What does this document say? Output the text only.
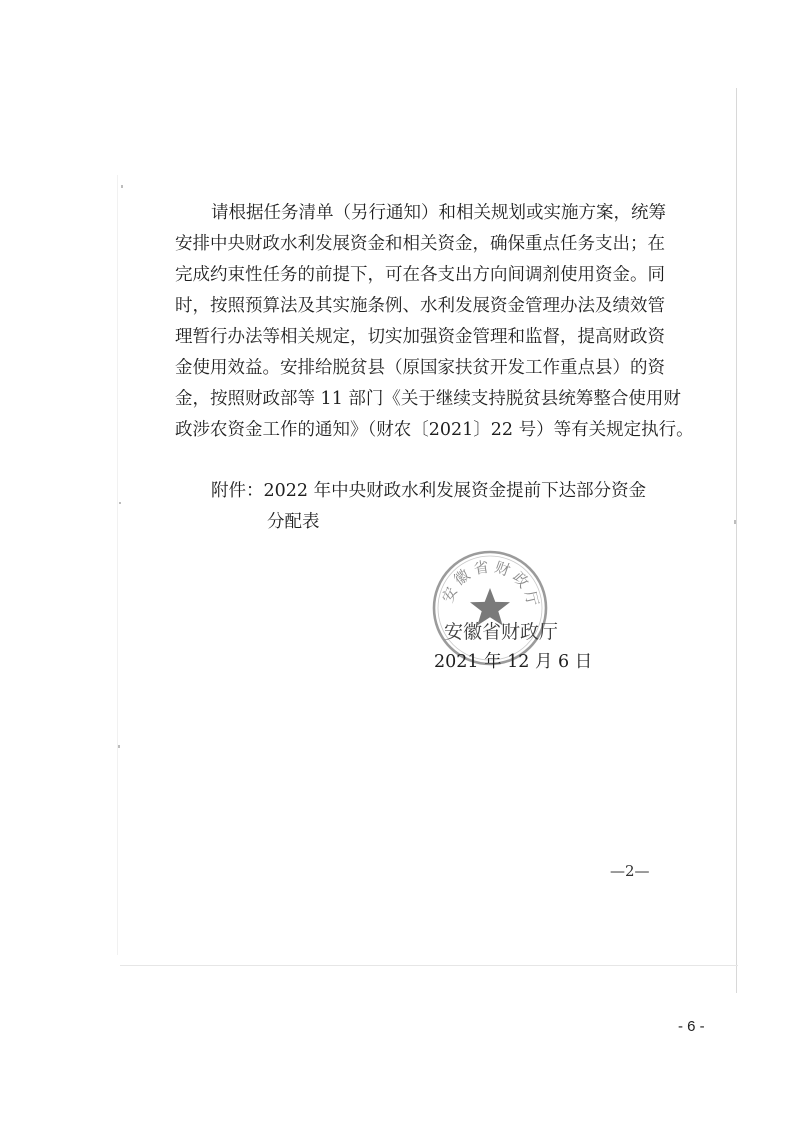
请根据任务清单（另行通知）和相关规划或实施方案，统筹
安排中央财政水利发展资金和相关资金，确保重点任务支出；在
完成约束性任务的前提下，可在各支出方向间调剂使用资金。同
时，按照预算法及其实施条例、水利发展资金管理办法及绩效管
理暂行办法等相关规定，切实加强资金管理和监督，提高财政资
金使用效益。安排给脱贫县（原国家扶贫开发工作重点县）的资
金，按照财政部等 11 部门《关于继续支持脱贫县统筹整合使用财
政涉农资金工作的通知》（财农〔2021〕22 号）等有关规定执行。
附件：2022 年中央财政水利发展资金提前下达部分资金
分配表
安徽省财政厅
安徽省财政厅
2021 年 12 月 6 日
—2—
- 6 -
